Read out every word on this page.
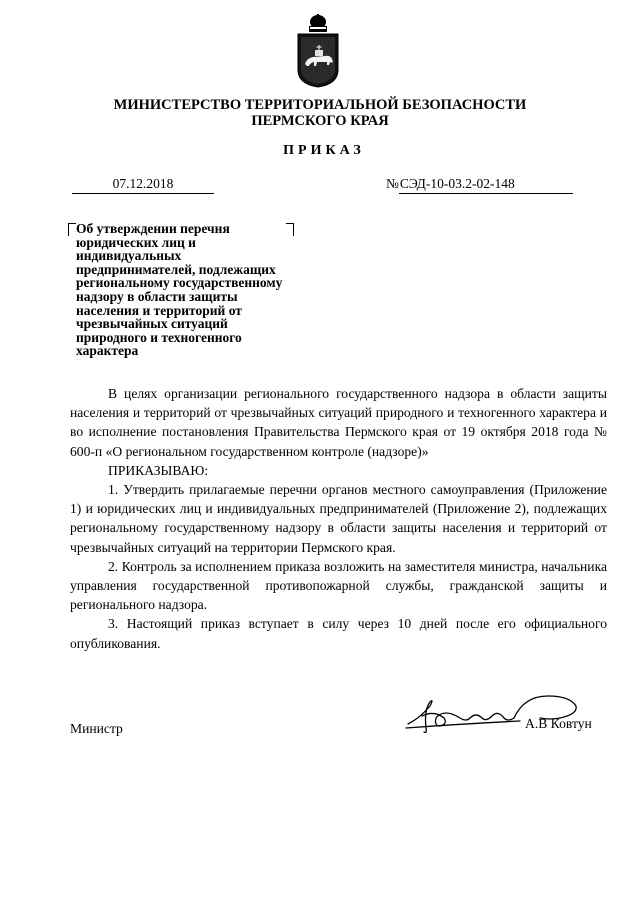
МИНИСТЕРСТВО ТЕРРИТОРИАЛЬНОЙ БЕЗОПАСНОСТИ
ПЕРМСКОГО КРАЯ
ПРИКАЗ
07.12.2018	№ СЭД-10-03.2-02-148
Об утверждении перечня
юридических лиц и
индивидуальных
предпринимателей, подлежащих
региональному государственному
надзору в области защиты
населения и территорий от
чрезвычайных ситуаций
природного и техногенного
характера
В целях организации регионального государственного надзора в области защиты населения и территорий от чрезвычайных ситуаций природного и техногенного характера и во исполнение постановления Правительства Пермского края от 19 октября 2018 года № 600-п «О региональном государственном контроле (надзоре)»
ПРИКАЗЫВАЮ:
1. Утвердить прилагаемые перечни органов местного самоуправления (Приложение 1) и юридических лиц и индивидуальных предпринимателей (Приложение 2), подлежащих региональному государственному надзору в области защиты населения и территорий от чрезвычайных ситуаций на территории Пермского края.
2. Контроль за исполнением приказа возложить на заместителя министра, начальника управления государственной противопожарной службы, гражданской защиты и регионального надзора.
3. Настоящий приказ вступает в силу через 10 дней после его официального опубликования.
Министр	А.В Ковтун
